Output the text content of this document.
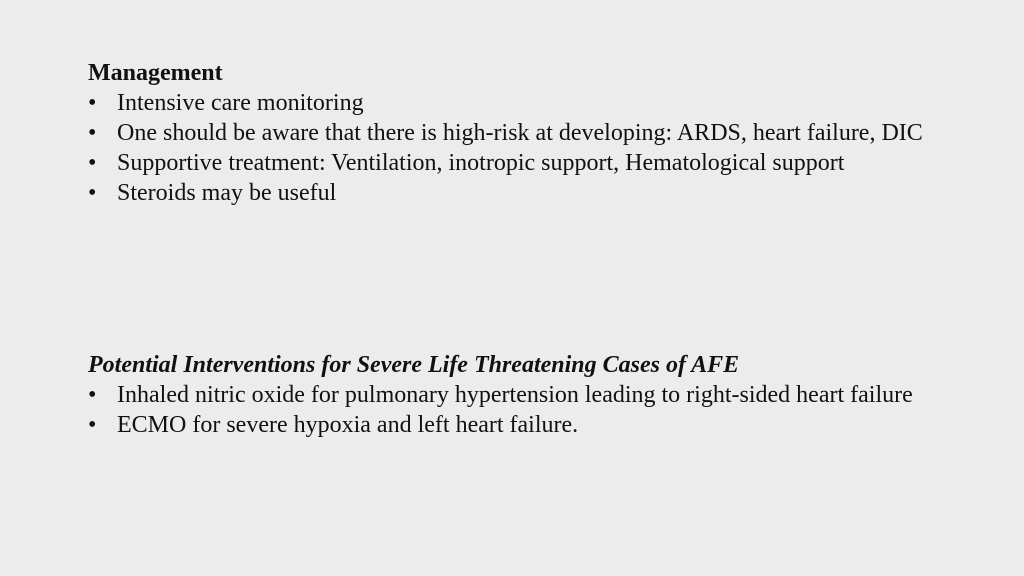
Management

• Intensive care monitoring
• One should be aware that there is high-risk at developing: ARDS, heart failure, DIC
• Supportive treatment: Ventilation, inotropic support, Hematological support
• Steroids may be useful

Potential Interventions for Severe Life Threatening Cases of AFE

• Inhaled nitric oxide for pulmonary hypertension leading to right-sided heart failure
• ECMO for severe hypoxia and left heart failure.
